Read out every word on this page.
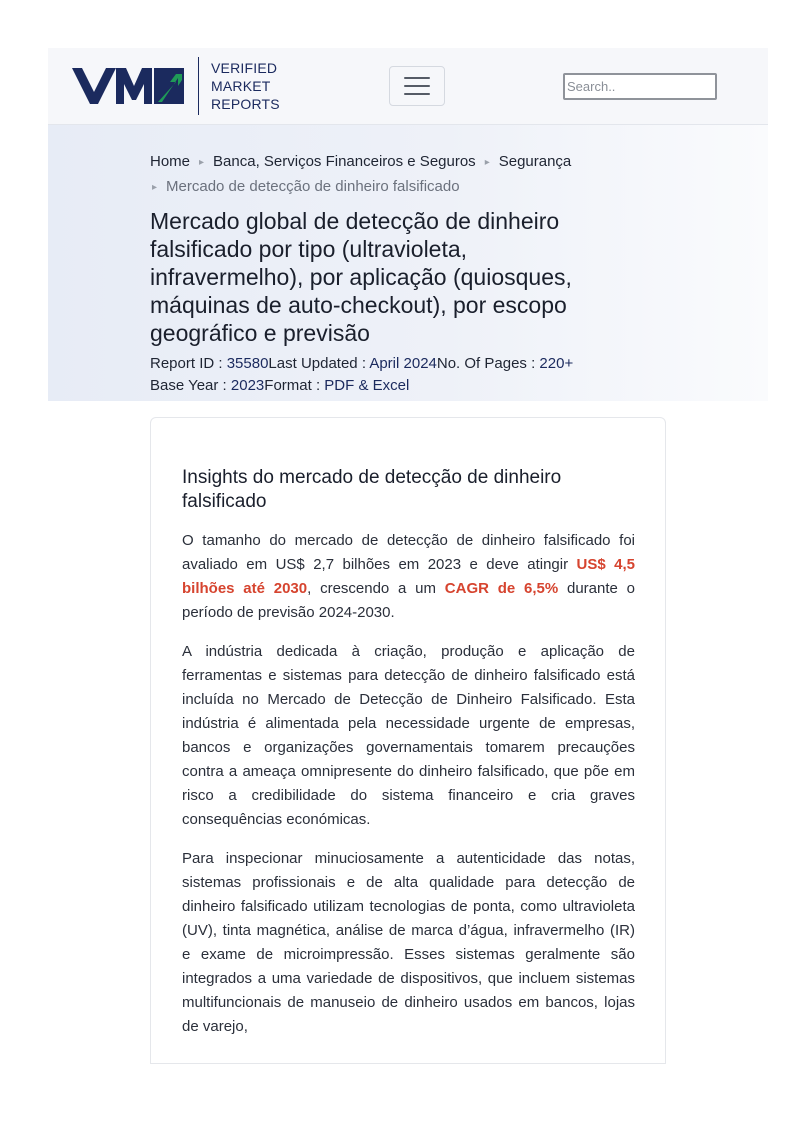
VERIFIED
MARKET
REPORTS
Search..
Home ▸ Banca, Serviços Financeiros e Seguros ▸ Segurança
▸ Mercado de detecção de dinheiro falsificado
Mercado global de detecção de dinheiro falsificado por tipo (ultravioleta, infravermelho), por aplicação (quiosques, máquinas de auto-checkout), por escopo geográfico e previsão
Report ID : 35580Last Updated : April 2024No. Of Pages : 220+
Base Year : 2023Format : PDF & Excel
Insights do mercado de detecção de dinheiro falsificado

O tamanho do mercado de detecção de dinheiro falsificado foi avaliado em US$ 2,7 bilhões em 2023 e deve atingir US$ 4,5 bilhões até 2030, crescendo a um CAGR de 6,5% durante o período de previsão 2024-2030.

A indústria dedicada à criação, produção e aplicação de ferramentas e sistemas para detecção de dinheiro falsificado está incluída no Mercado de Detecção de Dinheiro Falsificado. Esta indústria é alimentada pela necessidade urgente de empresas, bancos e organizações governamentais tomarem precauções contra a ameaça omnipresente do dinheiro falsificado, que põe em risco a credibilidade do sistema financeiro e cria graves consequências económicas.

Para inspecionar minuciosamente a autenticidade das notas, sistemas profissionais e de alta qualidade para detecção de dinheiro falsificado utilizam tecnologias de ponta, como ultravioleta (UV), tinta magnética, análise de marca d’água, infravermelho (IR) e exame de microimpressão. Esses sistemas geralmente são integrados a uma variedade de dispositivos, que incluem sistemas multifuncionais de manuseio de dinheiro usados em bancos, lojas de varejo,
